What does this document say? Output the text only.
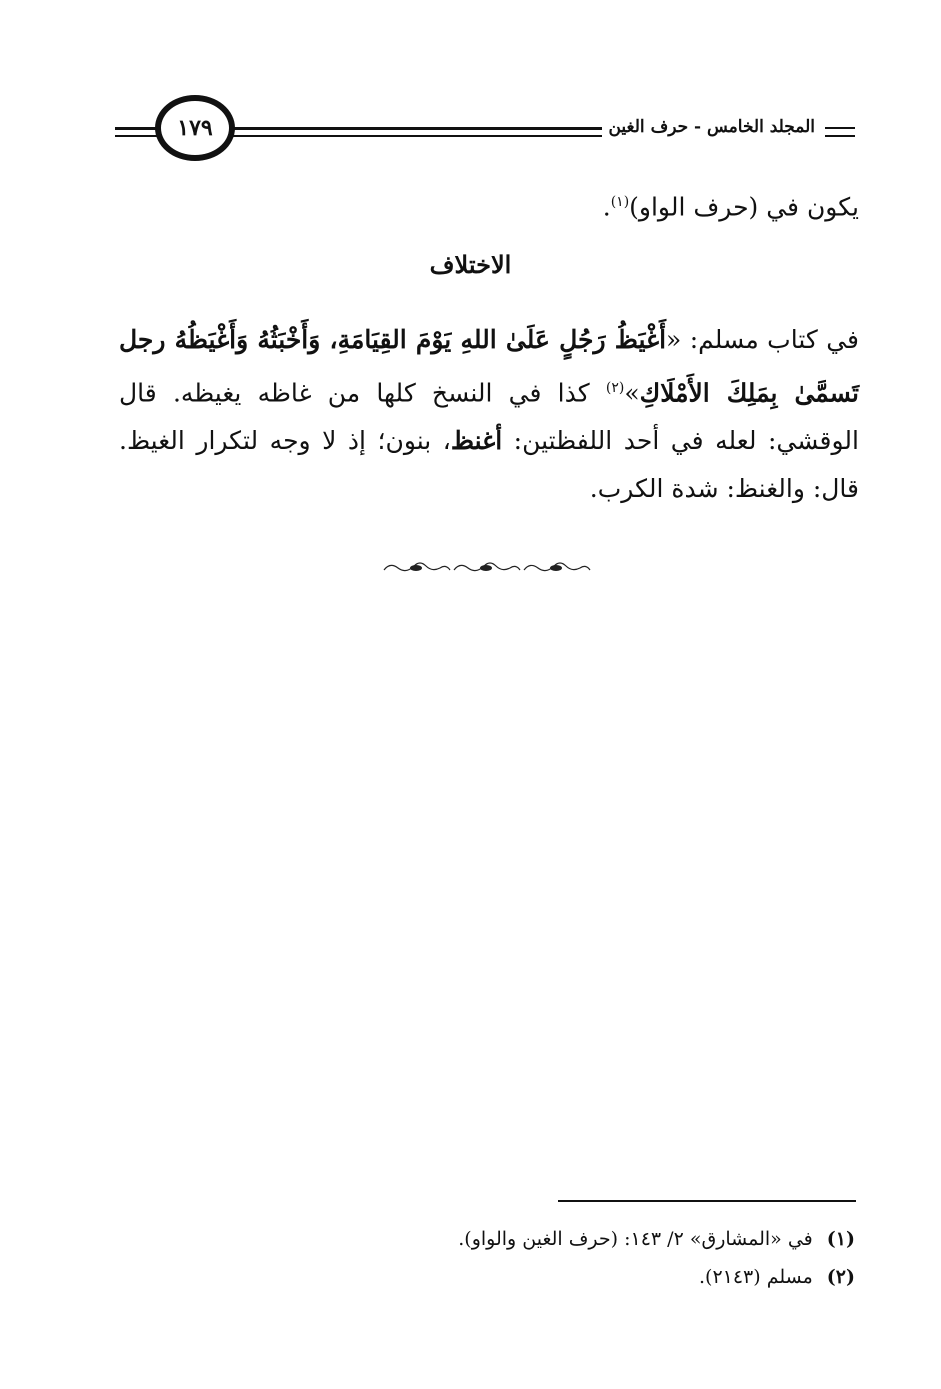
١٧٩	المجلد الخامس - حرف الغين
يكون في (حرف الواو)$^{(١)}$.
الاختلاف
في كتاب مسلم: «أَغْيَظُ رَجُلٍ عَلَىٰ اللهِ يَوْمَ القِيَامَةِ، وَأَخْبَثُهُ وَأَغْيَظُهُ رجل تَسمَّىٰ بِمَلِكَ الأَمْلَاكِ»$^{(٢)}$ كذا في النسخ كلها من غاظه يغيظه. قال الوقشي: لعله في أحد اللفظتين: أغنظ، بنون؛ إذ لا وجه لتكرار الغيظ. قال: والغنظ: شدة الكرب.
(١)في «المشارق» ٢/ ١٤٣: (حرف الغين والواو).
(٢)مسلم (٢١٤٣).
